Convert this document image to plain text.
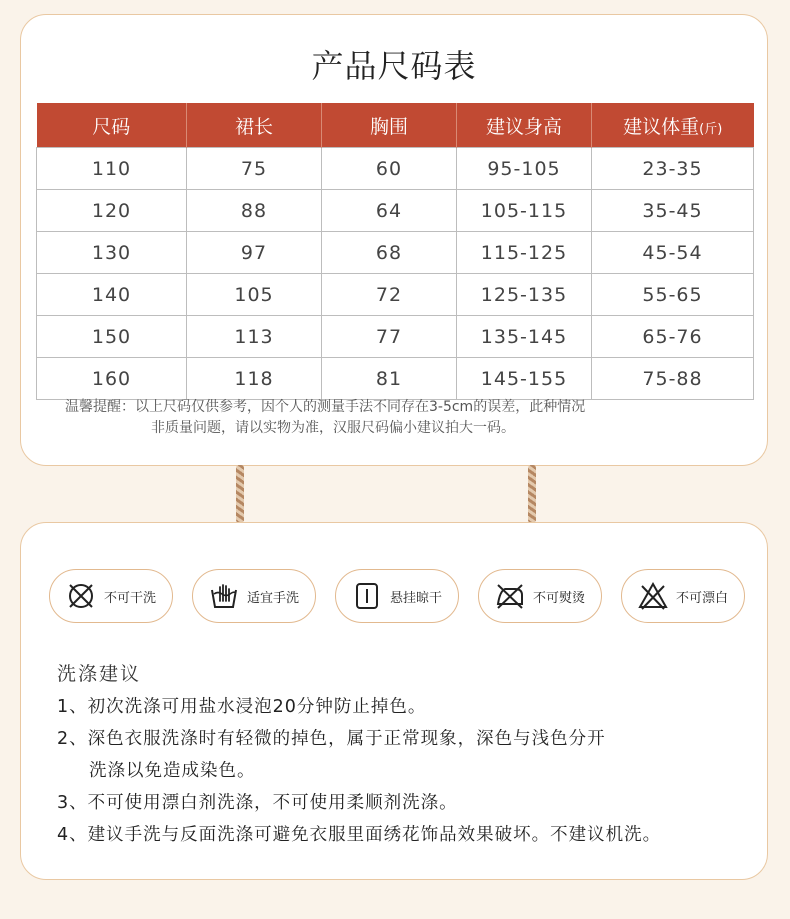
产品尺码表
尺码	裙长	胸围	建议身高	建议体重(斤)
110	75	60	95-105	23-35
120	88	64	105-115	35-45
130	97	68	115-125	45-54
140	105	72	125-135	55-65
150	113	77	135-145	65-76
160	118	81	145-155	75-88
温馨提醒：以上尺码仅供参考，因个人的测量手法不同存在3-5cm的误差，此种情况
非质量问题，请以实物为准，汉服尺码偏小建议拍大一码。
不可干洗	适宜手洗	悬挂晾干	不可熨烫	不可漂白
洗涤建议
1、初次洗涤可用盐水浸泡20分钟防止掉色。
2、深色衣服洗涤时有轻微的掉色，属于正常现象，深色与浅色分开
洗涤以免造成染色。
3、不可使用漂白剂洗涤，不可使用柔顺剂洗涤。
4、建议手洗与反面洗涤可避免衣服里面绣花饰品效果破坏。不建议机洗。
